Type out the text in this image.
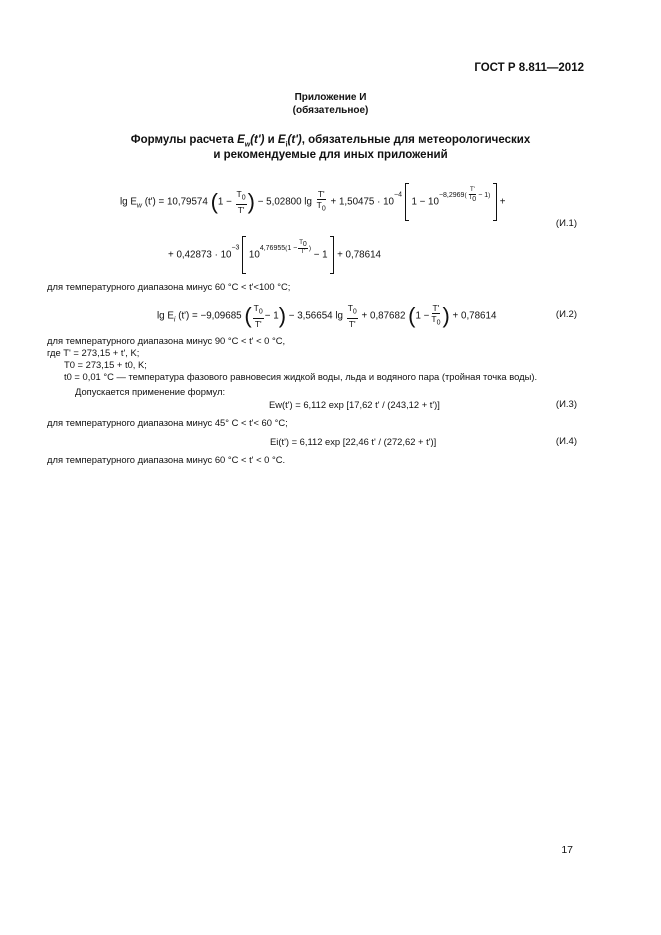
ГОСТ Р 8.811—2012
Приложение И
(обязательное)
Формулы расчета $E_w(t')$ и $E_i(t')$, обязательные для метеорологических
и рекомендуемые для иных приложений
$\lg E_w$ (t') = 10,79574 ($1 - \frac{T_0}{T'}$ ) − 5,02800 $\lg \frac{T'}{T_0} + 1,50475 \cdot 10^{-4}$  $1 - 10^{-8,2969( \frac{T'}{T_0} - 1)}$  +
+ $0,42873 \cdot 10^{-3}$  $10^{4,76955(1 - \frac{T_0}{T'} )} - 1 + 0,78614$
(И.1)
для температурного диапазона минус 60 °С < t'<100 °C;
$\lg E_i$ (t') = −9,09685 ( $\frac{T_0}{T'} - 1) - 3,56654$ $\lg \frac{T_0}{T'} + 0,87682$ ($1 - \frac{T'}{T_0}$ ) + 0,78614	(И.2)
для температурного диапазона минус 90 °С < t' < 0 °С,
где T' = 273,15 + t', K;
T0 = 273,15 + t0, K;
t0 = 0,01 °С — температура фазового равновесия жидкой воды, льда и водяного пара (тройная точка воды).
Допускается применение формул:
Ew(t') = 6,112 exp [17,62 t' / (243,12 + t')]	(И.3)
для температурного диапазона минус 45° С < t'< 60 °С;
Ei(t') = 6,112 exp [22,46 t' / (272,62 + t')]	(И.4)
для температурного диапазона минус 60 °С < t' < 0 °С.
17
